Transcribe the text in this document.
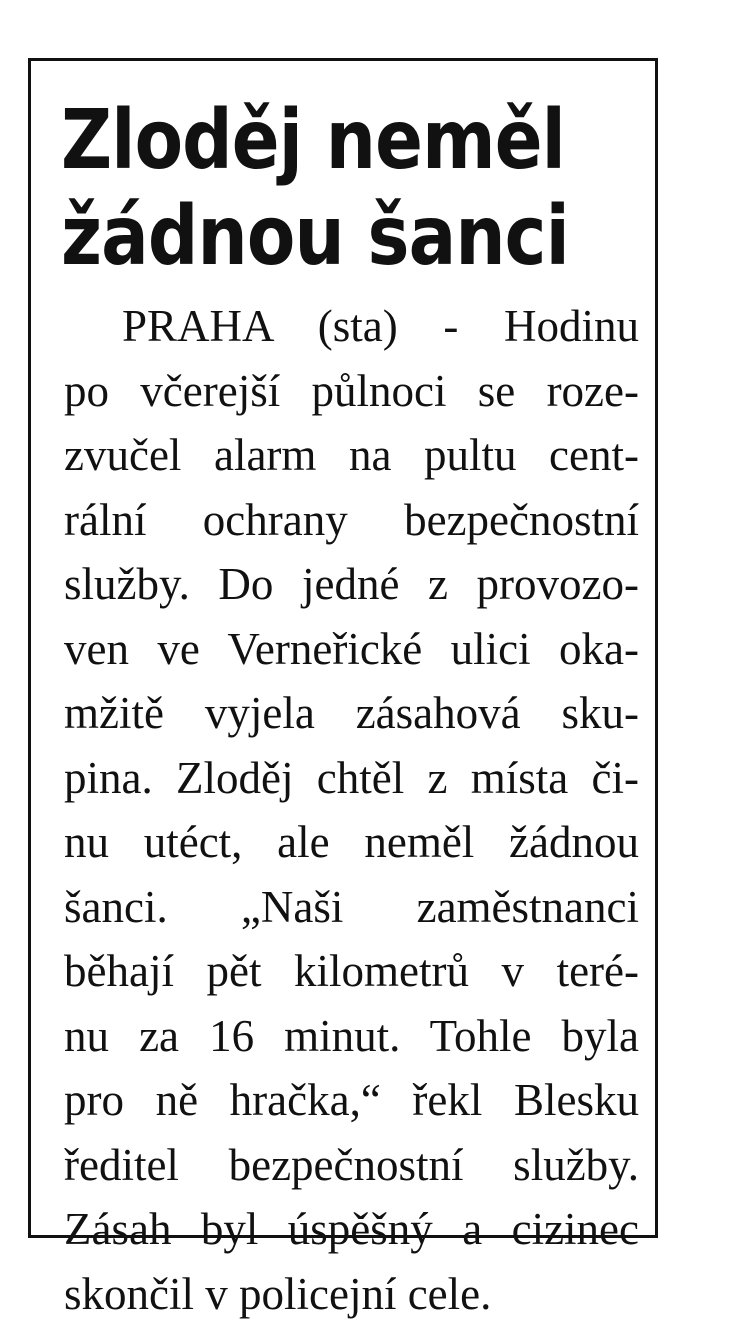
Zloděj neměl
žádnou šanci
PRAHA (sta) - Hodinu
po včerejší půlnoci se roze-
zvučel alarm na pultu cent-
rální ochrany bezpečnostní
služby. Do jedné z provozo-
ven ve Verneřické ulici oka-
mžitě vyjela zásahová sku-
pina. Zloděj chtěl z místa či-
nu utéct, ale neměl žádnou
šanci. „Naši zaměstnanci
běhají pět kilometrů v teré-
nu za 16 minut. Tohle byla
pro ně hračka,“ řekl Blesku
ředitel bezpečnostní služby.
Zásah byl úspěšný a cizinec
skončil v policejní cele.
